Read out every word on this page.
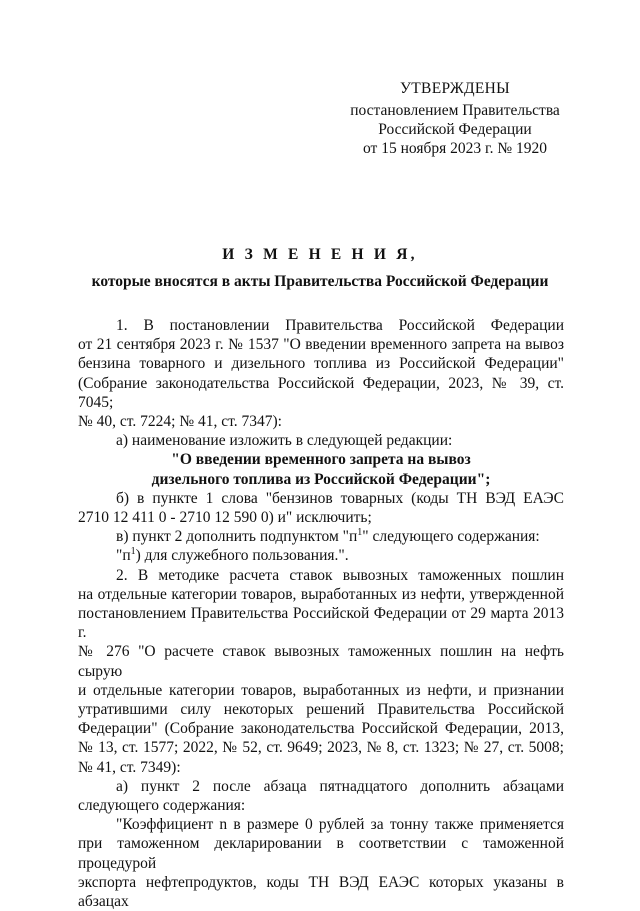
УТВЕРЖДЕНЫ
постановлением Правительства
Российской Федерации
от 15 ноября 2023 г. № 1920
И З М Е Н Е Н И Я,
которые вносятся в акты Правительства Российской Федерации

1. В постановлении Правительства Российской Федерации

от 21 сентября 2023 г. № 1537 "О введении временного запрета на вывоз

бензина товарного и дизельного топлива из Российской Федерации"

(Собрание законодательства Российской Федерации, 2023, № 39, ст. 7045;

№ 40, ст. 7224; № 41, ст. 7347):

а) наименование изложить в следующей редакции:

"О введении временного запрета на вывоз

дизельного топлива из Российской Федерации";

б) в пункте 1 слова "бензинов товарных (коды ТН ВЭД ЕАЭС

2710 12 411 0 - 2710 12 590 0) и" исключить;

в) пункт 2 дополнить подпунктом "$п^1$" следующего содержания:

"$п^1$) для служебного пользования.".

2. В методике расчета ставок вывозных таможенных пошлин

на отдельные категории товаров, выработанных из нефти, утвержденной

постановлением Правительства Российской Федерации от 29 марта 2013 г.

№ 276 "О расчете ставок вывозных таможенных пошлин на нефть сырую

и отдельные категории товаров, выработанных из нефти, и признании

утратившими силу некоторых решений Правительства Российской

Федерации" (Собрание законодательства Российской Федерации, 2013,

№ 13, ст. 1577; 2022, № 52, ст. 9649; 2023, № 8, ст. 1323; № 27, ст. 5008;

№ 41, ст. 7349):

а) пункт 2 после абзаца пятнадцатого дополнить абзацами

следующего содержания:

"Коэффициент n в размере 0 рублей за тонну также применяется

при таможенном декларировании в соответствии с таможенной процедурой

экспорта нефтепродуктов, коды ТН ВЭД ЕАЭС которых указаны в абзацах
